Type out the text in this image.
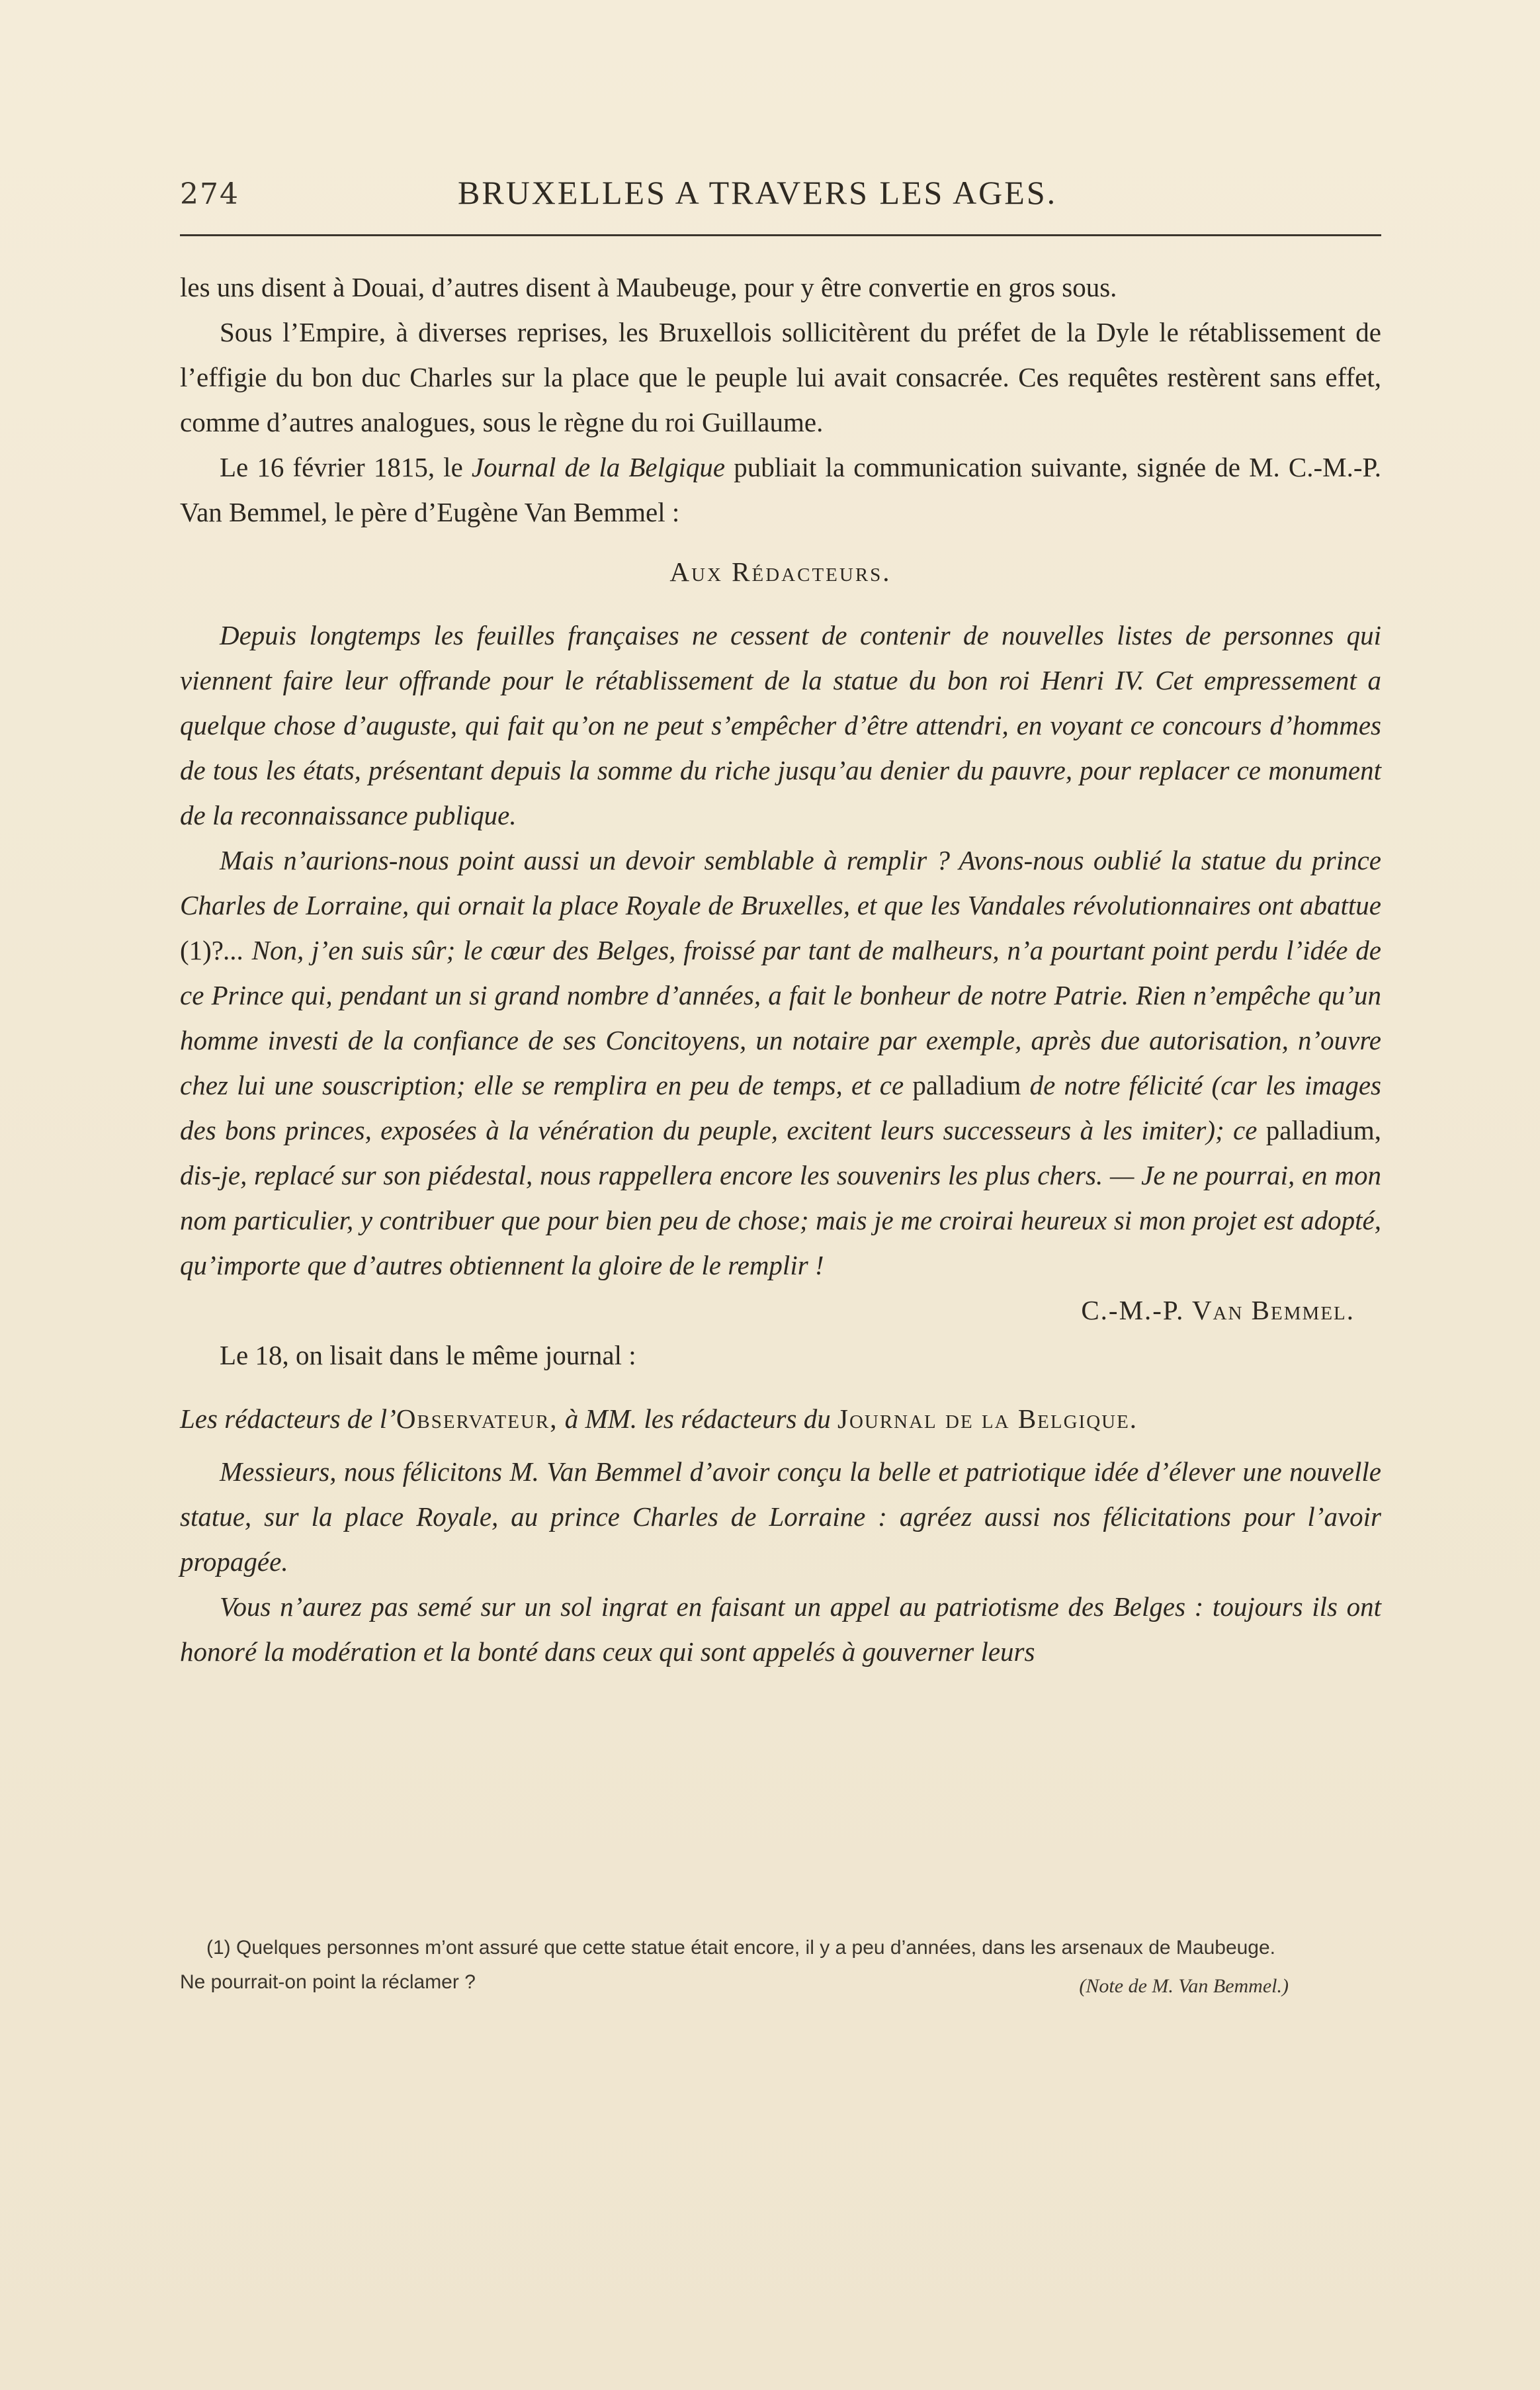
274	BRUXELLES A TRAVERS LES AGES.

les uns disent à Douai, d’autres disent à Maubeuge, pour y être convertie en gros sous.

Sous l’Empire, à diverses reprises, les Bruxellois sollicitèrent du préfet de la Dyle le rétablissement de l’effigie du bon duc Charles sur la place que le peuple lui avait consacrée. Ces requêtes restèrent sans effet, comme d’autres analogues, sous le règne du roi Guillaume.

Le 16 février 1815, le Journal de la Belgique publiait la communication suivante, signée de M. C.-M.-P. Van Bemmel, le père d’Eugène Van Bemmel :

Aux Rédacteurs.

Depuis longtemps les feuilles françaises ne cessent de contenir de nouvelles listes de personnes qui viennent faire leur offrande pour le rétablissement de la statue du bon roi Henri IV. Cet empressement a quelque chose d’auguste, qui fait qu’on ne peut s’empêcher d’être attendri, en voyant ce concours d’hommes de tous les états, présentant depuis la somme du riche jusqu’au denier du pauvre, pour replacer ce monument de la reconnaissance publique.

Mais n’aurions-nous point aussi un devoir semblable à remplir ? Avons-nous oublié la statue du prince Charles de Lorraine, qui ornait la place Royale de Bruxelles, et que les Vandales révolutionnaires ont abattue (1)?... Non, j’en suis sûr; le cœur des Belges, froissé par tant de malheurs, n’a pourtant point perdu l’idée de ce Prince qui, pendant un si grand nombre d’années, a fait le bonheur de notre Patrie. Rien n’empêche qu’un homme investi de la confiance de ses Concitoyens, un notaire par exemple, après due autorisation, n’ouvre chez lui une souscription; elle se remplira en peu de temps, et ce palladium de notre félicité (car les images des bons princes, exposées à la vénération du peuple, excitent leurs successeurs à les imiter); ce palladium, dis-je, replacé sur son piédestal, nous rappellera encore les souvenirs les plus chers. — Je ne pourrai, en mon nom particulier, y contribuer que pour bien peu de chose; mais je me croirai heureux si mon projet est adopté, qu’importe que d’autres obtiennent la gloire de le remplir !

C.-M.-P. Van Bemmel.

Le 18, on lisait dans le même journal :

Les rédacteurs de l’Observateur, à MM. les rédacteurs du Journal de la Belgique.

Messieurs, nous félicitons M. Van Bemmel d’avoir conçu la belle et patriotique idée d’élever une nouvelle statue, sur la place Royale, au prince Charles de Lorraine : agréez aussi nos félicitations pour l’avoir propagée.

Vous n’aurez pas semé sur un sol ingrat en faisant un appel au patriotisme des Belges : toujours ils ont honoré la modération et la bonté dans ceux qui sont appelés à gouverner leurs

(1) Quelques personnes m’ont assuré que cette statue était encore, il y a peu d’années, dans les arsenaux de Maubeuge.

Ne pourrait-on point la réclamer ?	(Note de M. Van Bemmel.)
